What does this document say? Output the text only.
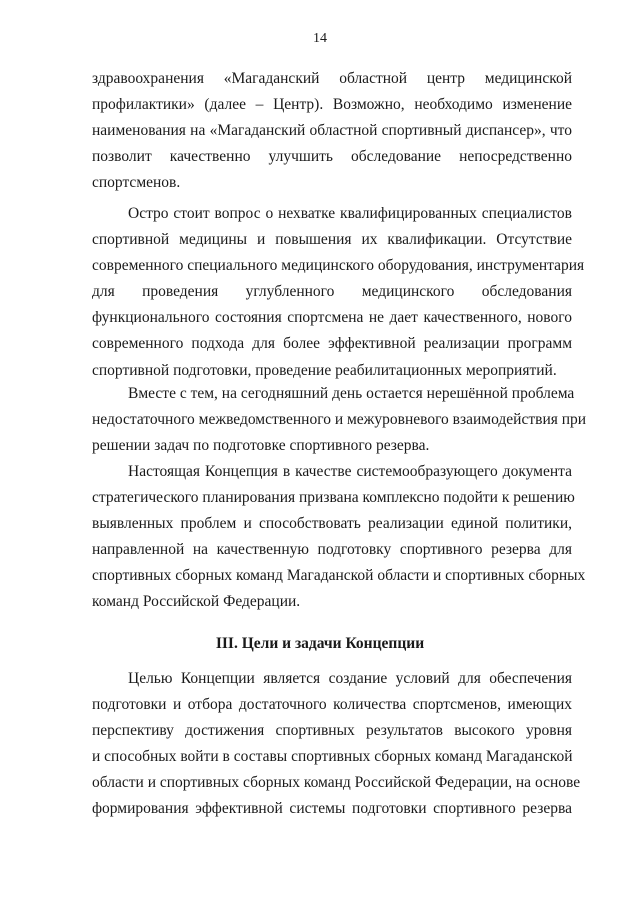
14
здравоохранения «Магаданский областной центр медицинской
профилактики» (далее – Центр). Возможно, необходимо изменение
наименования на «Магаданский областной спортивный диспансер», что
позволит качественно улучшить обследование непосредственно
спортсменов.
Остро стоит вопрос о нехватке квалифицированных специалистов
спортивной медицины и повышения их квалификации. Отсутствие
современного специального медицинского оборудования, инструментария
для проведения углубленного медицинского обследования
функционального состояния спортсмена не дает качественного, нового
современного подхода для более эффективной реализации программ
спортивной подготовки, проведение реабилитационных мероприятий.
Вместе с тем, на сегодняшний день остается нерешённой проблема
недостаточного межведомственного и межуровневого взаимодействия при
решении задач по подготовке спортивного резерва.
Настоящая Концепция в качестве системообразующего документа
стратегического планирования призвана комплексно подойти к решению
выявленных проблем и способствовать реализации единой политики,
направленной на качественную подготовку спортивного резерва для
спортивных сборных команд Магаданской области и спортивных сборных
команд Российской Федерации.
III. Цели и задачи Концепции
Целью Концепции является создание условий для обеспечения
подготовки и отбора достаточного количества спортсменов, имеющих
перспективу достижения спортивных результатов высокого уровня
и способных войти в составы спортивных сборных команд Магаданской
области и спортивных сборных команд Российской Федерации, на основе
формирования эффективной системы подготовки спортивного резерва
